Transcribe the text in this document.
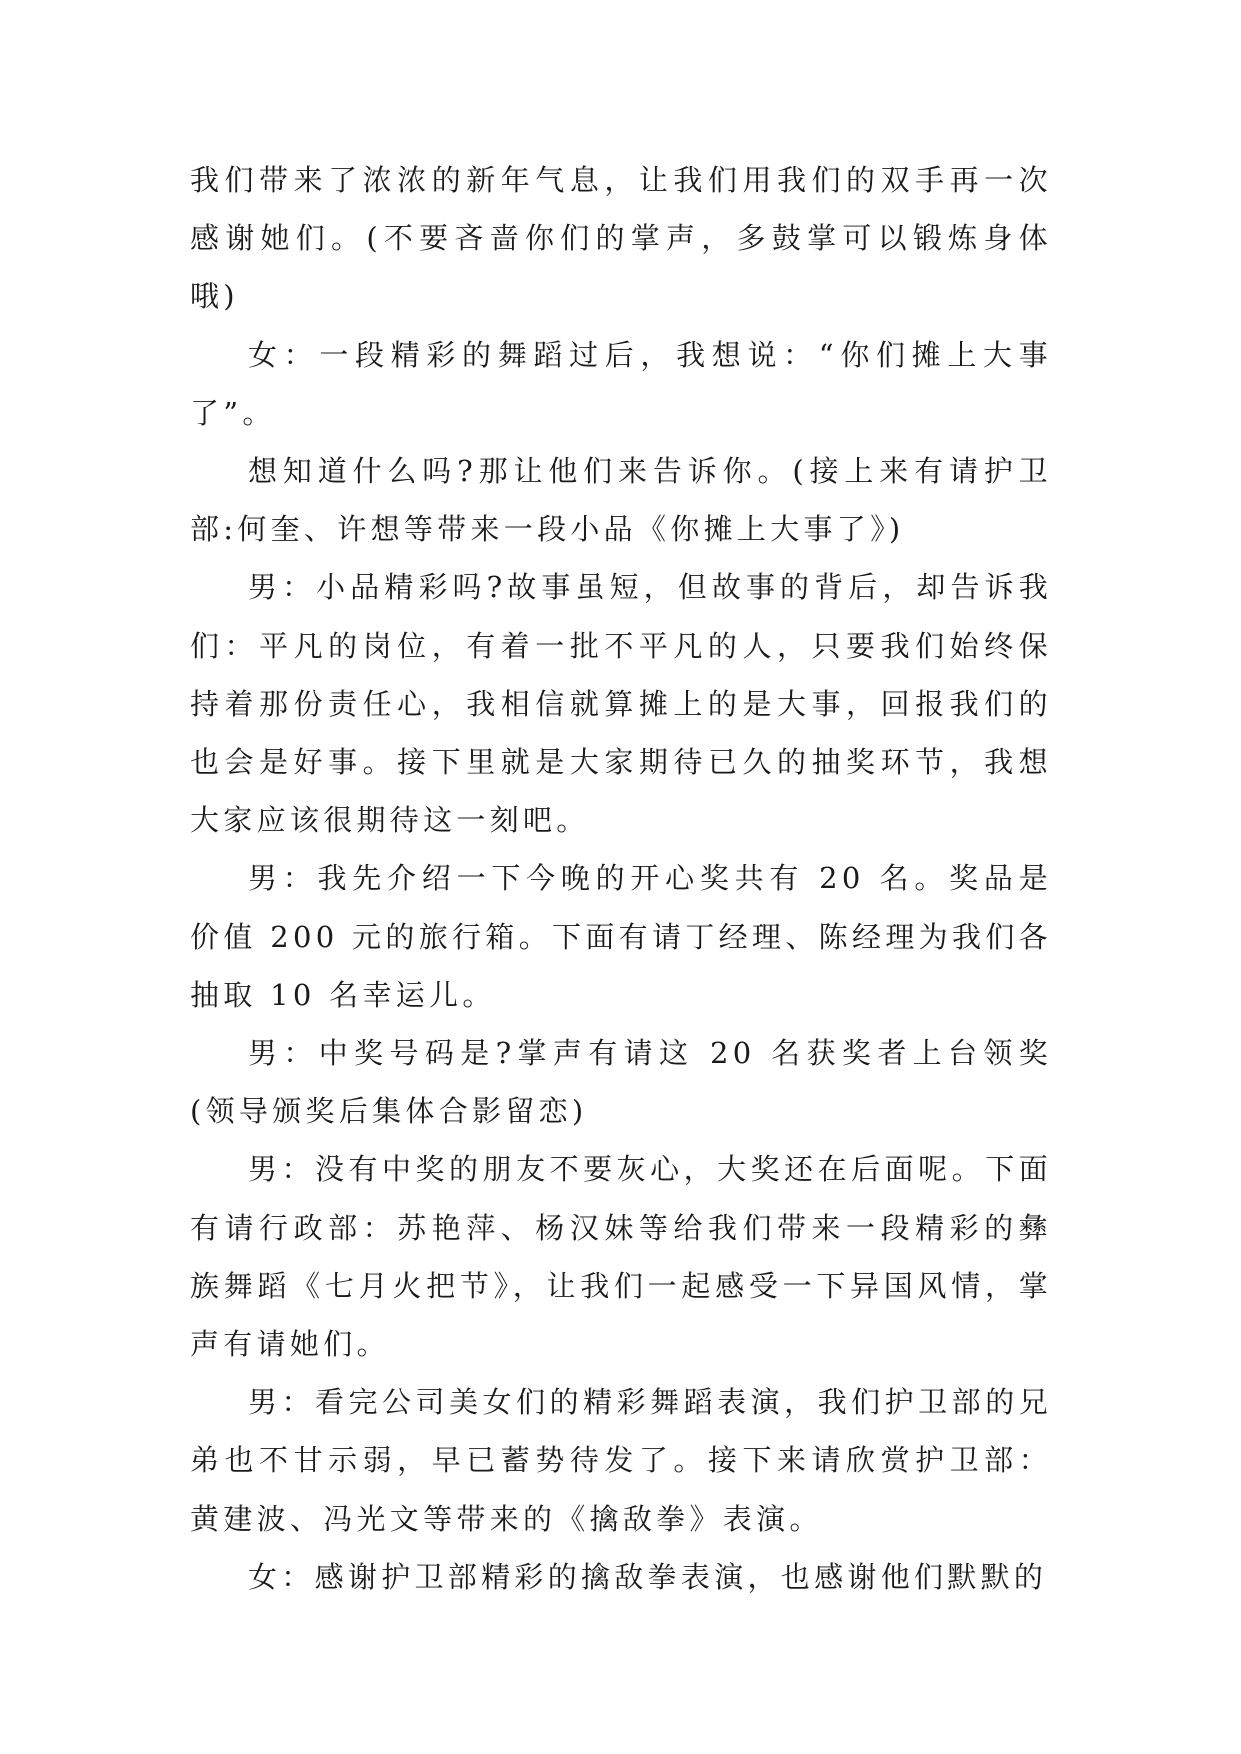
我们带来了浓浓的新年气息，让我们用我们的双手再一次感谢她们。(不要吝啬你们的掌声，多鼓掌可以锻炼身体哦)

女：一段精彩的舞蹈过后，我想说：“你们摊上大事了”。

想知道什么吗?那让他们来告诉你。(接上来有请护卫部:何奎、许想等带来一段小品《你摊上大事了》)

男：小品精彩吗?故事虽短，但故事的背后，却告诉我们：平凡的岗位，有着一批不平凡的人，只要我们始终保持着那份责任心，我相信就算摊上的是大事，回报我们的也会是好事。接下里就是大家期待已久的抽奖环节，我想大家应该很期待这一刻吧。

男：我先介绍一下今晚的开心奖共有 20 名。奖品是价值 200 元的旅行箱。下面有请丁经理、陈经理为我们各抽取 10 名幸运儿。

男：中奖号码是?掌声有请这 20 名获奖者上台领奖(领导颁奖后集体合影留恋)

男：没有中奖的朋友不要灰心，大奖还在后面呢。下面有请行政部：苏艳萍、杨汉妹等给我们带来一段精彩的彝族舞蹈《七月火把节》，让我们一起感受一下异国风情，掌声有请她们。

男：看完公司美女们的精彩舞蹈表演，我们护卫部的兄弟也不甘示弱，早已蓄势待发了。接下来请欣赏护卫部：黄建波、冯光文等带来的《擒敌拳》表演。

女：感谢护卫部精彩的擒敌拳表演，也感谢他们默默的
